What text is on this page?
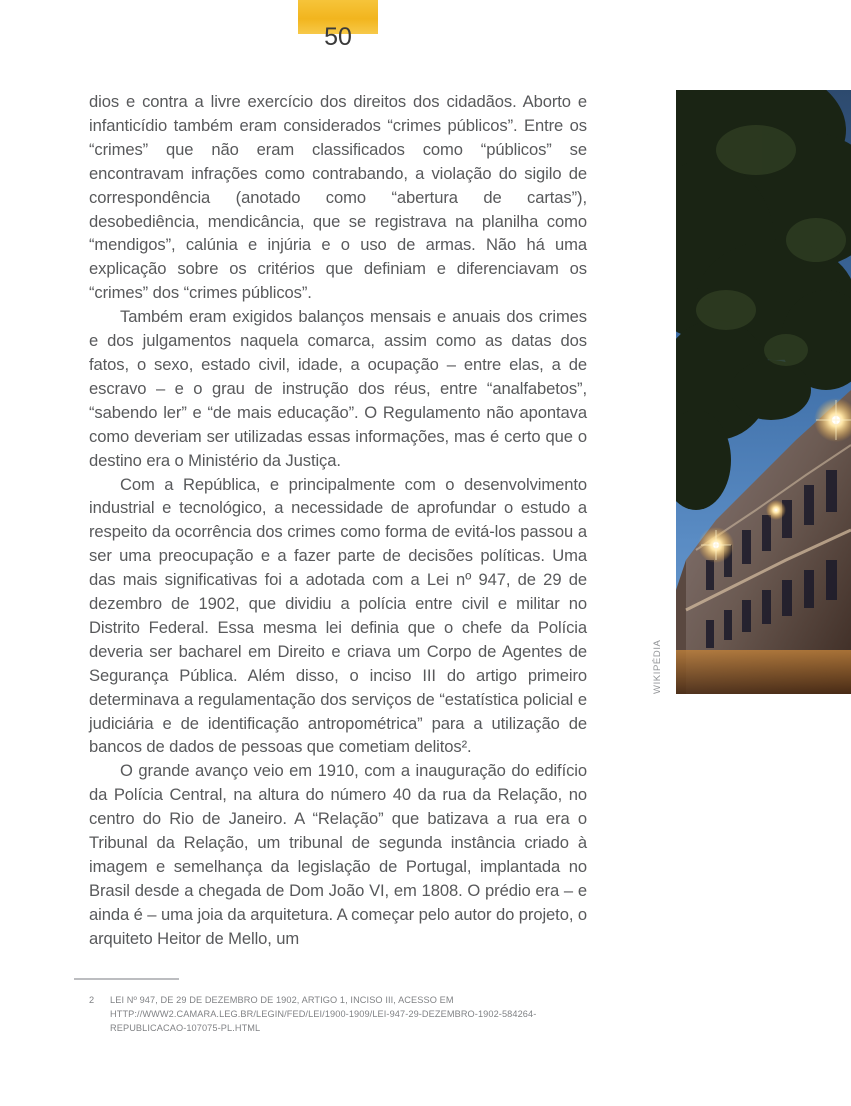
50

dios e contra a livre exercício dos direitos dos cidadãos. Aborto e infanticídio também eram considerados “crimes públicos”. Entre os “crimes” que não eram classificados como “públicos” se encontravam infrações como contrabando, a violação do sigilo de correspondência (anotado como “abertura de cartas”), desobediência, mendicância, que se registrava na planilha como “mendigos”, calúnia e injúria e o uso de armas. Não há uma explicação sobre os critérios que definiam e diferenciavam os “crimes” dos “crimes públicos”.

Também eram exigidos balanços mensais e anuais dos crimes e dos julgamentos naquela comarca, assim como as datas dos fatos, o sexo, estado civil, idade, a ocupação – entre elas, a de escravo – e o grau de instrução dos réus, entre “analfabetos”, “sabendo ler” e “de mais educação”. O Regulamento não apontava como deveriam ser utilizadas essas informações, mas é certo que o destino era o Ministério da Justiça.

Com a República, e principalmente com o desenvolvimento industrial e tecnológico, a necessidade de aprofundar o estudo a respeito da ocorrência dos crimes como forma de evitá-los passou a ser uma preocupação e a fazer parte de decisões políticas. Uma das mais significativas foi a adotada com a Lei nº 947, de 29 de dezembro de 1902, que dividiu a polícia entre civil e militar no Distrito Federal. Essa mesma lei definia que o chefe da Polícia deveria ser bacharel em Direito e criava um Corpo de Agentes de Segurança Pública. Além disso, o inciso III do artigo primeiro determinava a regulamentação dos serviços de “estatística policial e judiciária e de identificação antropométrica” para a utilização de bancos de dados de pessoas que cometiam delitos².

O grande avanço veio em 1910, com a inauguração do edifício da Polícia Central, na altura do número 40 da rua da Relação, no centro do Rio de Janeiro. A “Relação” que batizava a rua era o Tribunal da Relação, um tribunal de segunda instância criado à imagem e semelhança da legislação de Portugal, implantada no Brasil desde a chegada de Dom João VI, em 1808. O prédio era – e ainda é – uma joia da arquitetura. A começar pelo autor do projeto, o arquiteto Heitor de Mello, um

2 LEI Nº 947, DE 29 DE DEZEMBRO DE 1902, ARTIGO 1, INCISO III, ACESSO EM HTTP://WWW2.CAMARA.LEG.BR/LEGIN/FED/LEI/1900-1909/LEI-947-29-DEZEMBRO-1902-584264-REPUBLICACAO-107075-PL.HTML
WIKIPÉDIA
